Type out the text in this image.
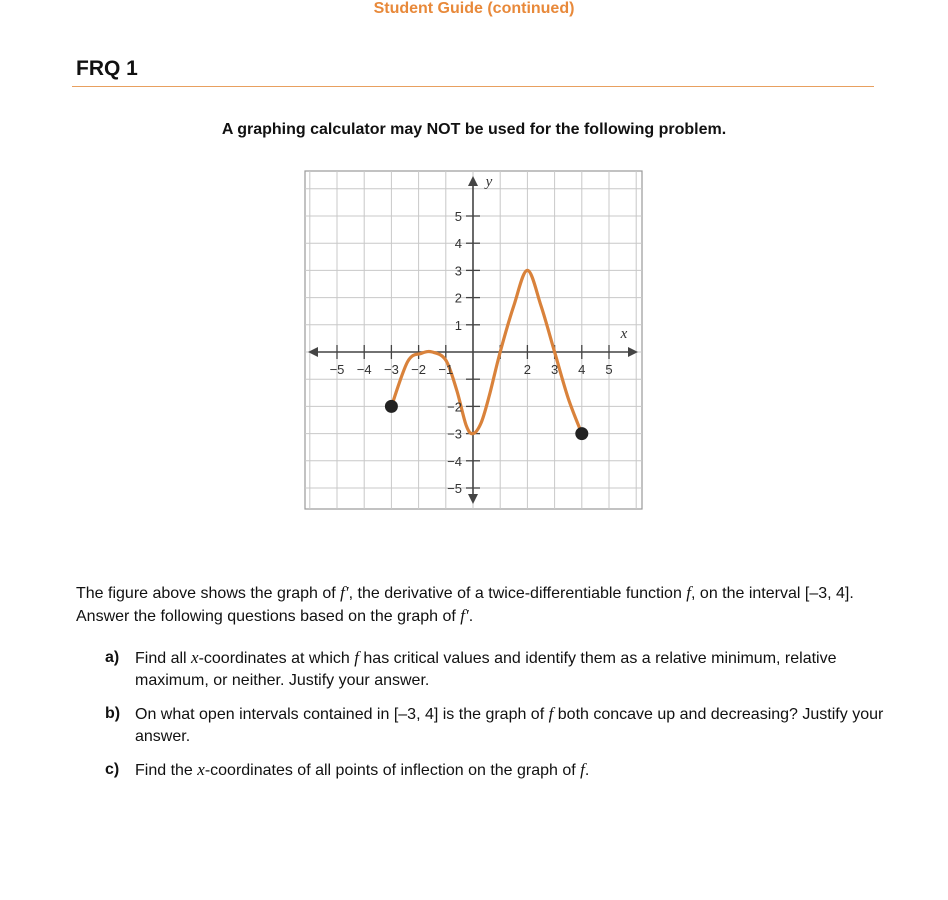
Student Guide (continued)
FRQ 1
A graphing calculator may NOT be used for the following problem.
−5 −4 −3 −2 −1	2 3 4 5
5
4
3
2
1
−2
−3
−4
−5
x
y
The figure above shows the graph of f′, the derivative of a twice-differentiable function f, on the interval [–3, 4]. Answer the following questions based on the graph of f′.
a) Find all x-coordinates at which f has critical values and identify them as a relative minimum, relative maximum, or neither. Justify your answer.
b) On what open intervals contained in [–3, 4] is the graph of f both concave up and decreasing? Justify your answer.
c) Find the x-coordinates of all points of inflection on the graph of f.
